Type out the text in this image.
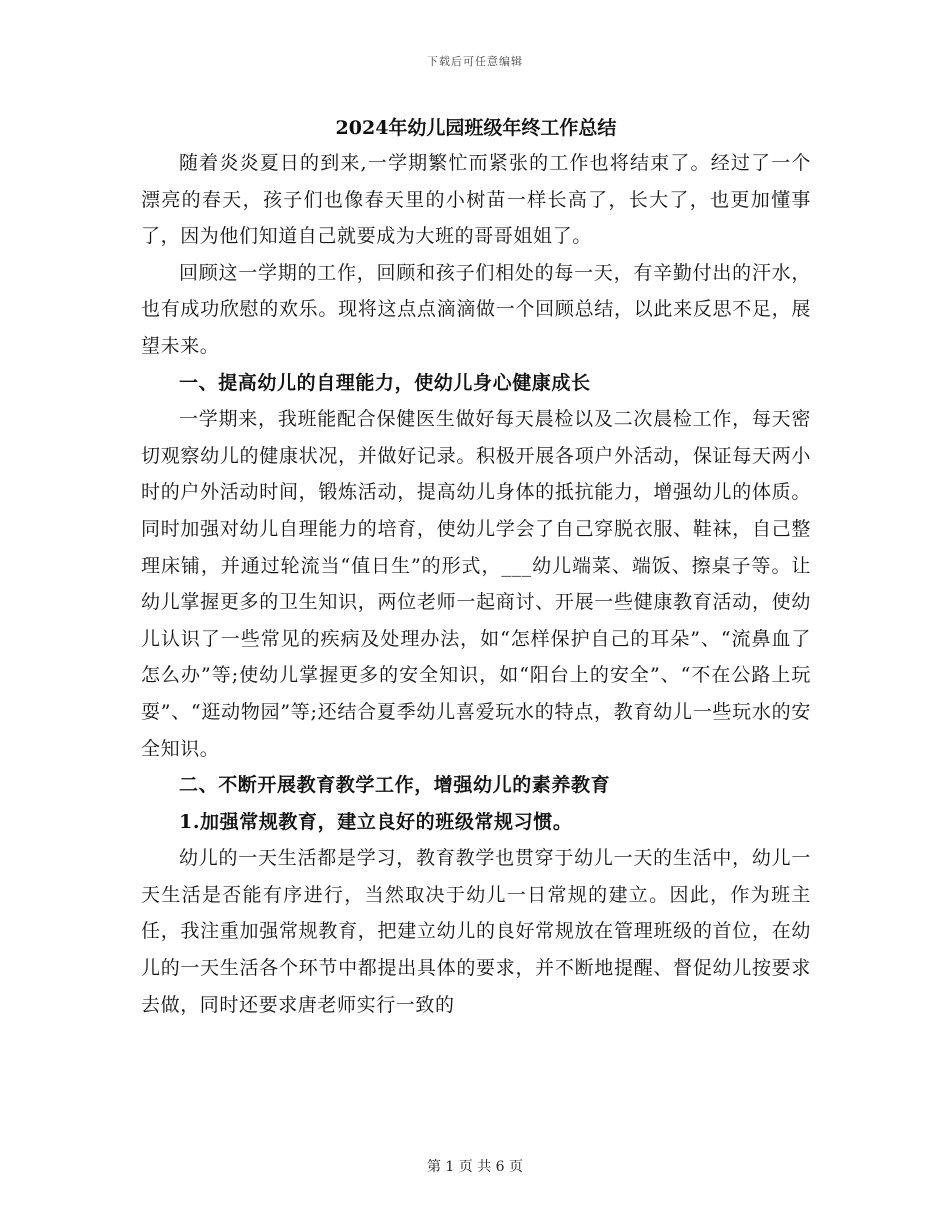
下载后可任意编辑
2024年幼儿园班级年终工作总结

随着炎炎夏日的到来,一学期繁忙而紧张的工作也将结束了。经过了一个漂亮的春天，孩子们也像春天里的小树苗一样长高了，长大了，也更加懂事了，因为他们知道自己就要成为大班的哥哥姐姐了。

回顾这一学期的工作，回顾和孩子们相处的每一天，有辛勤付出的汗水，也有成功欣慰的欢乐。现将这点点滴滴做一个回顾总结，以此来反思不足，展望未来。

一、提高幼儿的自理能力，使幼儿身心健康成长

一学期来，我班能配合保健医生做好每天晨检以及二次晨检工作，每天密切观察幼儿的健康状况，并做好记录。积极开展各项户外活动，保证每天两小时的户外活动时间，锻炼活动，提高幼儿身体的抵抗能力，增强幼儿的体质。同时加强对幼儿自理能力的培育，使幼儿学会了自己穿脱衣服、鞋袜，自己整理床铺，并通过轮流当“值日生”的形式，___幼儿端菜、端饭、擦桌子等。让幼儿掌握更多的卫生知识，两位老师一起商讨、开展一些健康教育活动，使幼儿认识了一些常见的疾病及处理办法，如“怎样保护自己的耳朵”、“流鼻血了怎么办”等;使幼儿掌握更多的安全知识，如“阳台上的安全”、“不在公路上玩耍”、“逛动物园”等;还结合夏季幼儿喜爱玩水的特点，教育幼儿一些玩水的安全知识。

二、不断开展教育教学工作，增强幼儿的素养教育

1.加强常规教育，建立良好的班级常规习惯。

幼儿的一天生活都是学习，教育教学也贯穿于幼儿一天的生活中，幼儿一天生活是否能有序进行，当然取决于幼儿一日常规的建立。因此，作为班主任，我注重加强常规教育，把建立幼儿的良好常规放在管理班级的首位，在幼儿的一天生活各个环节中都提出具体的要求，并不断地提醒、督促幼儿按要求去做，同时还要求唐老师实行一致的

第 1 页 共 6 页
